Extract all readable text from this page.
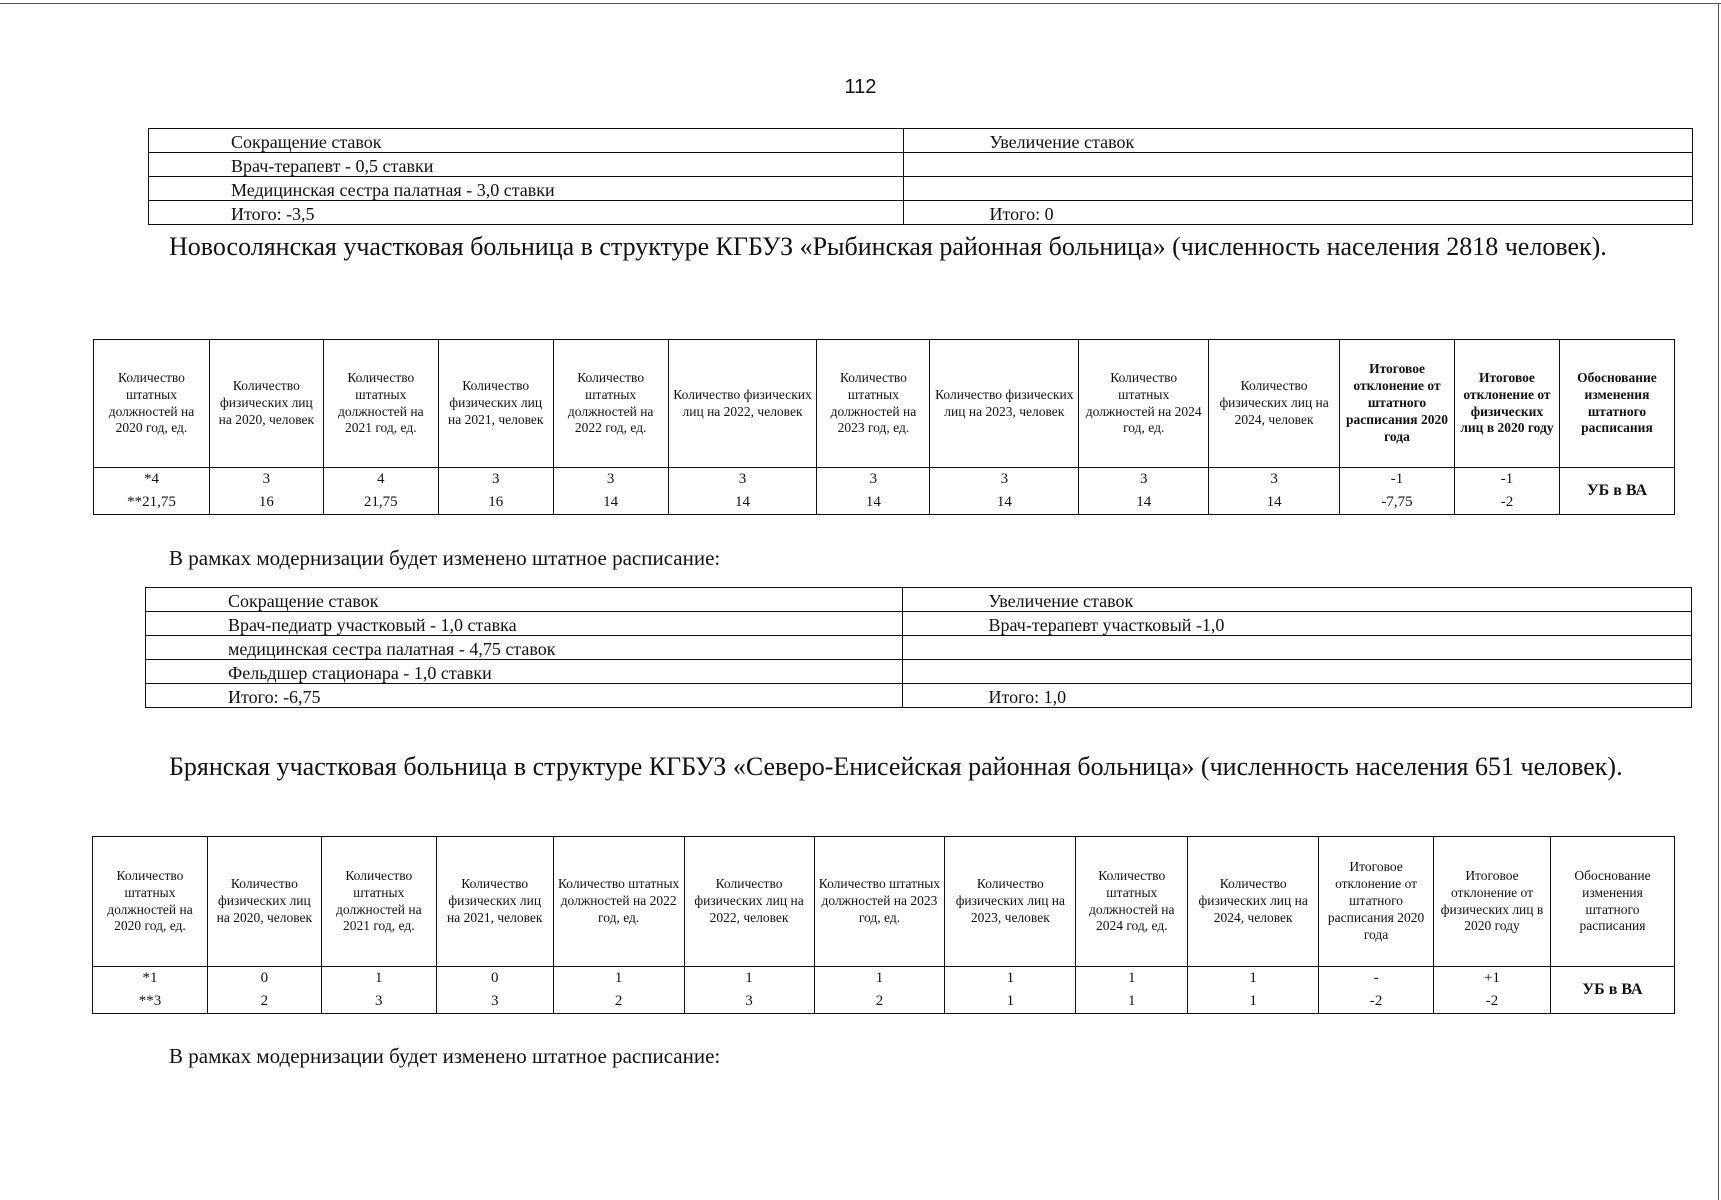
112
Сокращение ставок	Увеличение ставок
Врач-терапевт - 0,5 ставки	
Медицинская сестра палатная - 3,0 ставки	
Итого: -3,5	Итого: 0
Новосолянская участковая больница в структуре КГБУЗ «Рыбинская районная больница» (численность населения 2818 человек).
Количество штатных должностей на 2020 год, ед.	Количество физических лиц на 2020, человек	Количество штатных должностей на 2021 год, ед.	Количество физических лиц на 2021, человек	Количество штатных должностей на 2022 год, ед.	Количество физических лиц на 2022, человек	Количество штатных должностей на 2023 год, ед.	Количество физических лиц на 2023, человек	Количество штатных должностей на 2024 год, ед.	Количество физических лиц на 2024, человек	Итоговое отклонение от штатного расписания 2020 года	Итоговое отклонение от физических лиц в 2020 году	Обоснование изменения штатного расписания
*4	3	4	3	3	3	3	3	3	3	-1	-1	УБ в ВА
**21,75	16	21,75	16	14	14	14	14	14	14	-7,75	-2	
В рамках модернизации будет изменено штатное расписание:
Сокращение ставок	Увеличение ставок
Врач-педиатр участковый - 1,0 ставка	Врач-терапевт участковый -1,0
медицинская сестра палатная - 4,75 ставок	
Фельдшер стационара - 1,0 ставки	
Итого: -6,75	Итого: 1,0
Брянская участковая больница в структуре КГБУЗ «Северо-Енисейская районная больница» (численность населения 651 человек).
Количество штатных должностей на 2020 год, ед.	Количество физических лиц на 2020, человек	Количество штатных должностей на 2021 год, ед.	Количество физических лиц на 2021, человек	Количество штатных должностей на 2022 год, ед.	Количество физических лиц на 2022, человек	Количество штатных должностей на 2023 год, ед.	Количество физических лиц на 2023, человек	Количество штатных должностей на 2024 год, ед.	Количество физических лиц на 2024, человек	Итоговое отклонение от штатного расписания 2020 года	Итоговое отклонение от физических лиц в 2020 году	Обоснование изменения штатного расписания
*1	0	1	0	1	1	1	1	1	1	-	+1	УБ в ВА
**3	2	3	3	2	3	2	1	1	1	-2	-2	
В рамках модернизации будет изменено штатное расписание:
